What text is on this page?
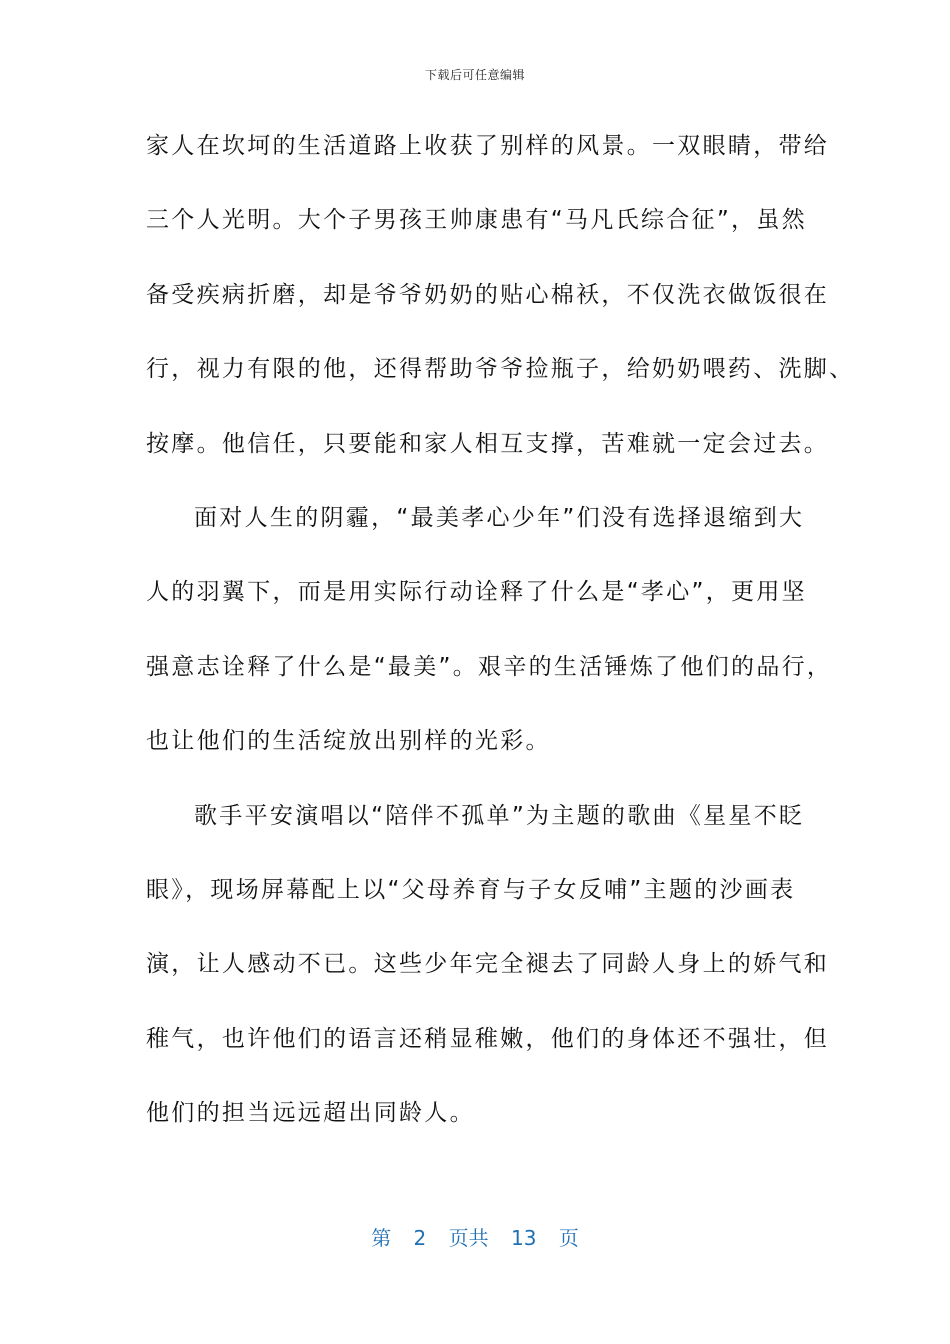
下载后可任意编辑
家人在坎坷的生活道路上收获了别样的风景。一双眼睛，带给
三个人光明。大个子男孩王帅康患有“马凡氏综合征”，虽然
备受疾病折磨，却是爷爷奶奶的贴心棉袄，不仅洗衣做饭很在
行，视力有限的他，还得帮助爷爷捡瓶子，给奶奶喂药、洗脚、
按摩。他信任，只要能和家人相互支撑，苦难就一定会过去。
面对人生的阴霾，“最美孝心少年”们没有选择退缩到大
人的羽翼下，而是用实际行动诠释了什么是“孝心”，更用坚
强意志诠释了什么是“最美”。艰辛的生活锤炼了他们的品行，
也让他们的生活绽放出别样的光彩。
歌手平安演唱以“陪伴不孤单”为主题的歌曲《星星不眨
眼》，现场屏幕配上以“父母养育与子女反哺”主题的沙画表
演，让人感动不已。这些少年完全褪去了同龄人身上的娇气和
稚气，也许他们的语言还稍显稚嫩，他们的身体还不强壮，但
他们的担当远远超出同龄人。
第 2 页共 13 页
